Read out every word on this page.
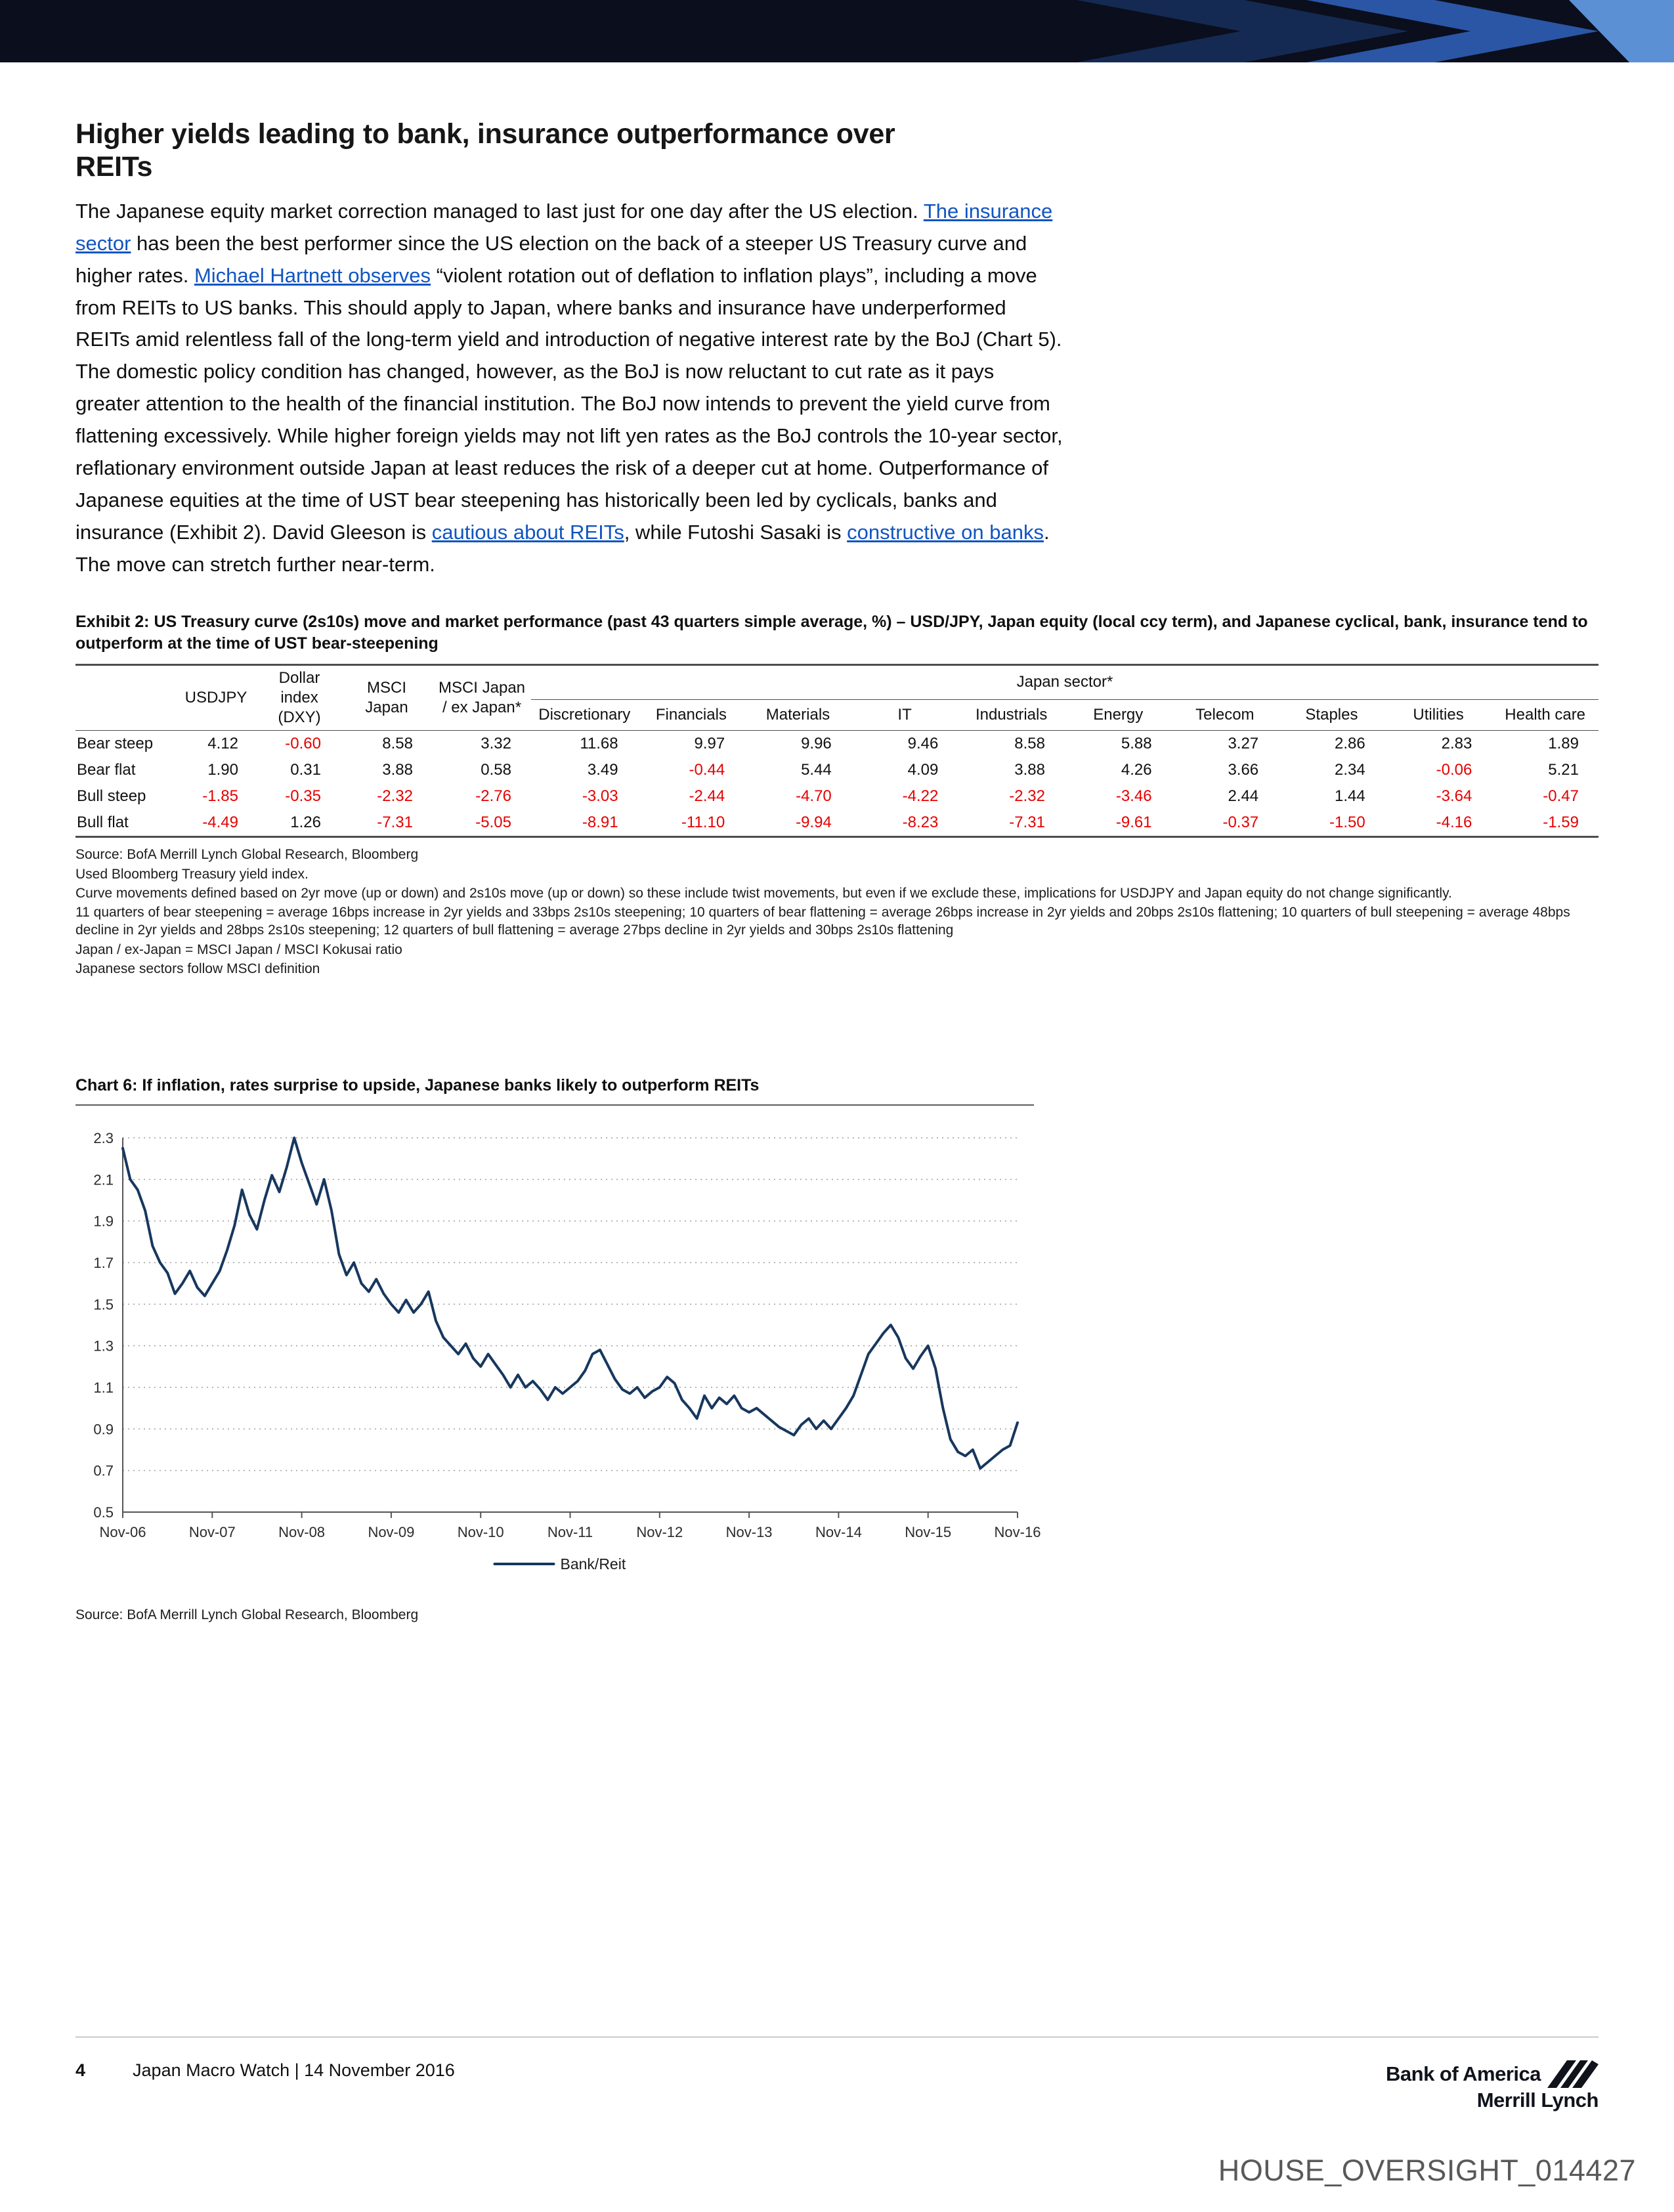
Higher yields leading to bank, insurance outperformance over REITs

The Japanese equity market correction managed to last just for one day after the US election. The insurance sector has been the best performer since the US election on the back of a steeper US Treasury curve and higher rates. Michael Hartnett observes “violent rotation out of deflation to inflation plays”, including a move from REITs to US banks. This should apply to Japan, where banks and insurance have underperformed REITs amid relentless fall of the long-term yield and introduction of negative interest rate by the BoJ (Chart 5). The domestic policy condition has changed, however, as the BoJ is now reluctant to cut rate as it pays greater attention to the health of the financial institution. The BoJ now intends to prevent the yield curve from flattening excessively. While higher foreign yields may not lift yen rates as the BoJ controls the 10-year sector, reflationary environment outside Japan at least reduces the risk of a deeper cut at home. Outperformance of Japanese equities at the time of UST bear steepening has historically been led by cyclicals, banks and insurance (Exhibit 2). David Gleeson is cautious about REITs, while Futoshi Sasaki is constructive on banks. The move can stretch further near-term.

Exhibit 2: US Treasury curve (2s10s) move and market performance (past 43 quarters simple average, %) – USD/JPY, Japan equity (local ccy term), and Japanese cyclical, bank, insurance tend to outperform at the time of UST bear-steepening
	USDJPY	Dollar index (DXY)	MSCI Japan	MSCI Japan / ex Japan*	Japan sector*									
					Discretionary	Financials	Materials	IT	Industrials	Energy	Telecom	Staples	Utilities	Health care
Bear steep	4.12	-0.60	8.58	3.32	11.68	9.97	9.96	9.46	8.58	5.88	3.27	2.86	2.83	1.89
Bear flat	1.90	0.31	3.88	0.58	3.49	-0.44	5.44	4.09	3.88	4.26	3.66	2.34	-0.06	5.21
Bull steep	-1.85	-0.35	-2.32	-2.76	-3.03	-2.44	-4.70	-4.22	-2.32	-3.46	2.44	1.44	-3.64	-0.47
Bull flat	-4.49	1.26	-7.31	-5.05	-8.91	-11.10	-9.94	-8.23	-7.31	-9.61	-0.37	-1.50	-4.16	-1.59
Source: BofA Merrill Lynch Global Research, Bloomberg
Used Bloomberg Treasury yield index.
Curve movements defined based on 2yr move (up or down) and 2s10s move (up or down) so these include twist movements, but even if we exclude these, implications for USDJPY and Japan equity do not change significantly.
11 quarters of bear steepening = average 16bps increase in 2yr yields and 33bps 2s10s steepening; 10 quarters of bear flattening = average 26bps increase in 2yr yields and 20bps 2s10s flattening; 10 quarters of bull steepening = average 48bps decline in 2yr yields and 28bps 2s10s steepening; 12 quarters of bull flattening = average 27bps decline in 2yr yields and 30bps 2s10s flattening
Japan / ex-Japan = MSCI Japan / MSCI Kokusai ratio
Japanese sectors follow MSCI definition
Chart 6: If inflation, rates surprise to upside, Japanese banks likely to outperform REITs
0.5
0.7
0.9
1.1
1.3
1.5
1.7
1.9
2.1
2.3
Nov-06	Nov-07	Nov-08	Nov-09	Nov-10	Nov-11	Nov-12	Nov-13	Nov-14	Nov-15	Nov-16
Bank/Reit
Source: BofA Merrill Lynch Global Research, Bloomberg
4	Japan Macro Watch | 14 November 2016	Bank of America
Merrill Lynch
HOUSE_OVERSIGHT_014427
